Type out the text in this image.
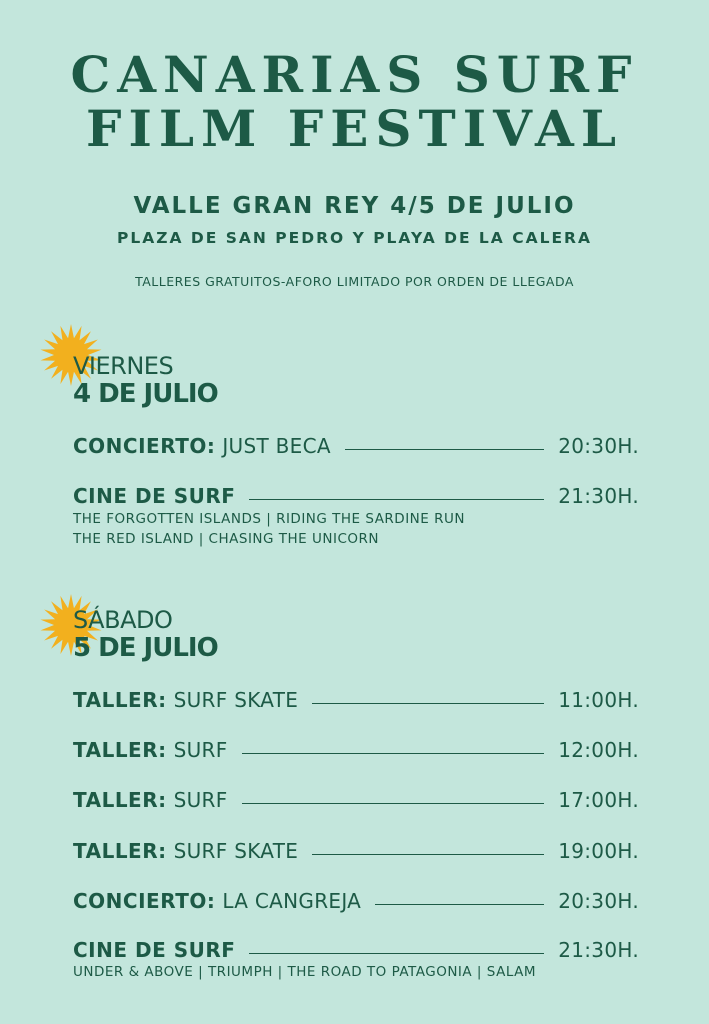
CANARIAS SURF
FILM FESTIVAL
VALLE GRAN REY 4/5 DE JULIO
PLAZA DE SAN PEDRO Y PLAYA DE LA CALERA
TALLERES GRATUITOS-AFORO LIMITADO POR ORDEN DE LLEGADA
VIERNES
4 DE JULIO
CONCIERTO: JUST BECA	20:30H.
CINE DE SURF	21:30H.
THE FORGOTTEN ISLANDS | RIDING THE SARDINE RUN
THE RED ISLAND | CHASING THE UNICORN
SÁBADO
5 DE JULIO
TALLER: SURF SKATE	11:00H.
TALLER: SURF	12:00H.
TALLER: SURF	17:00H.
TALLER: SURF SKATE	19:00H.
CONCIERTO: LA CANGREJA	20:30H.
CINE DE SURF	21:30H.
UNDER & ABOVE | TRIUMPH | THE ROAD TO PATAGONIA | SALAM
